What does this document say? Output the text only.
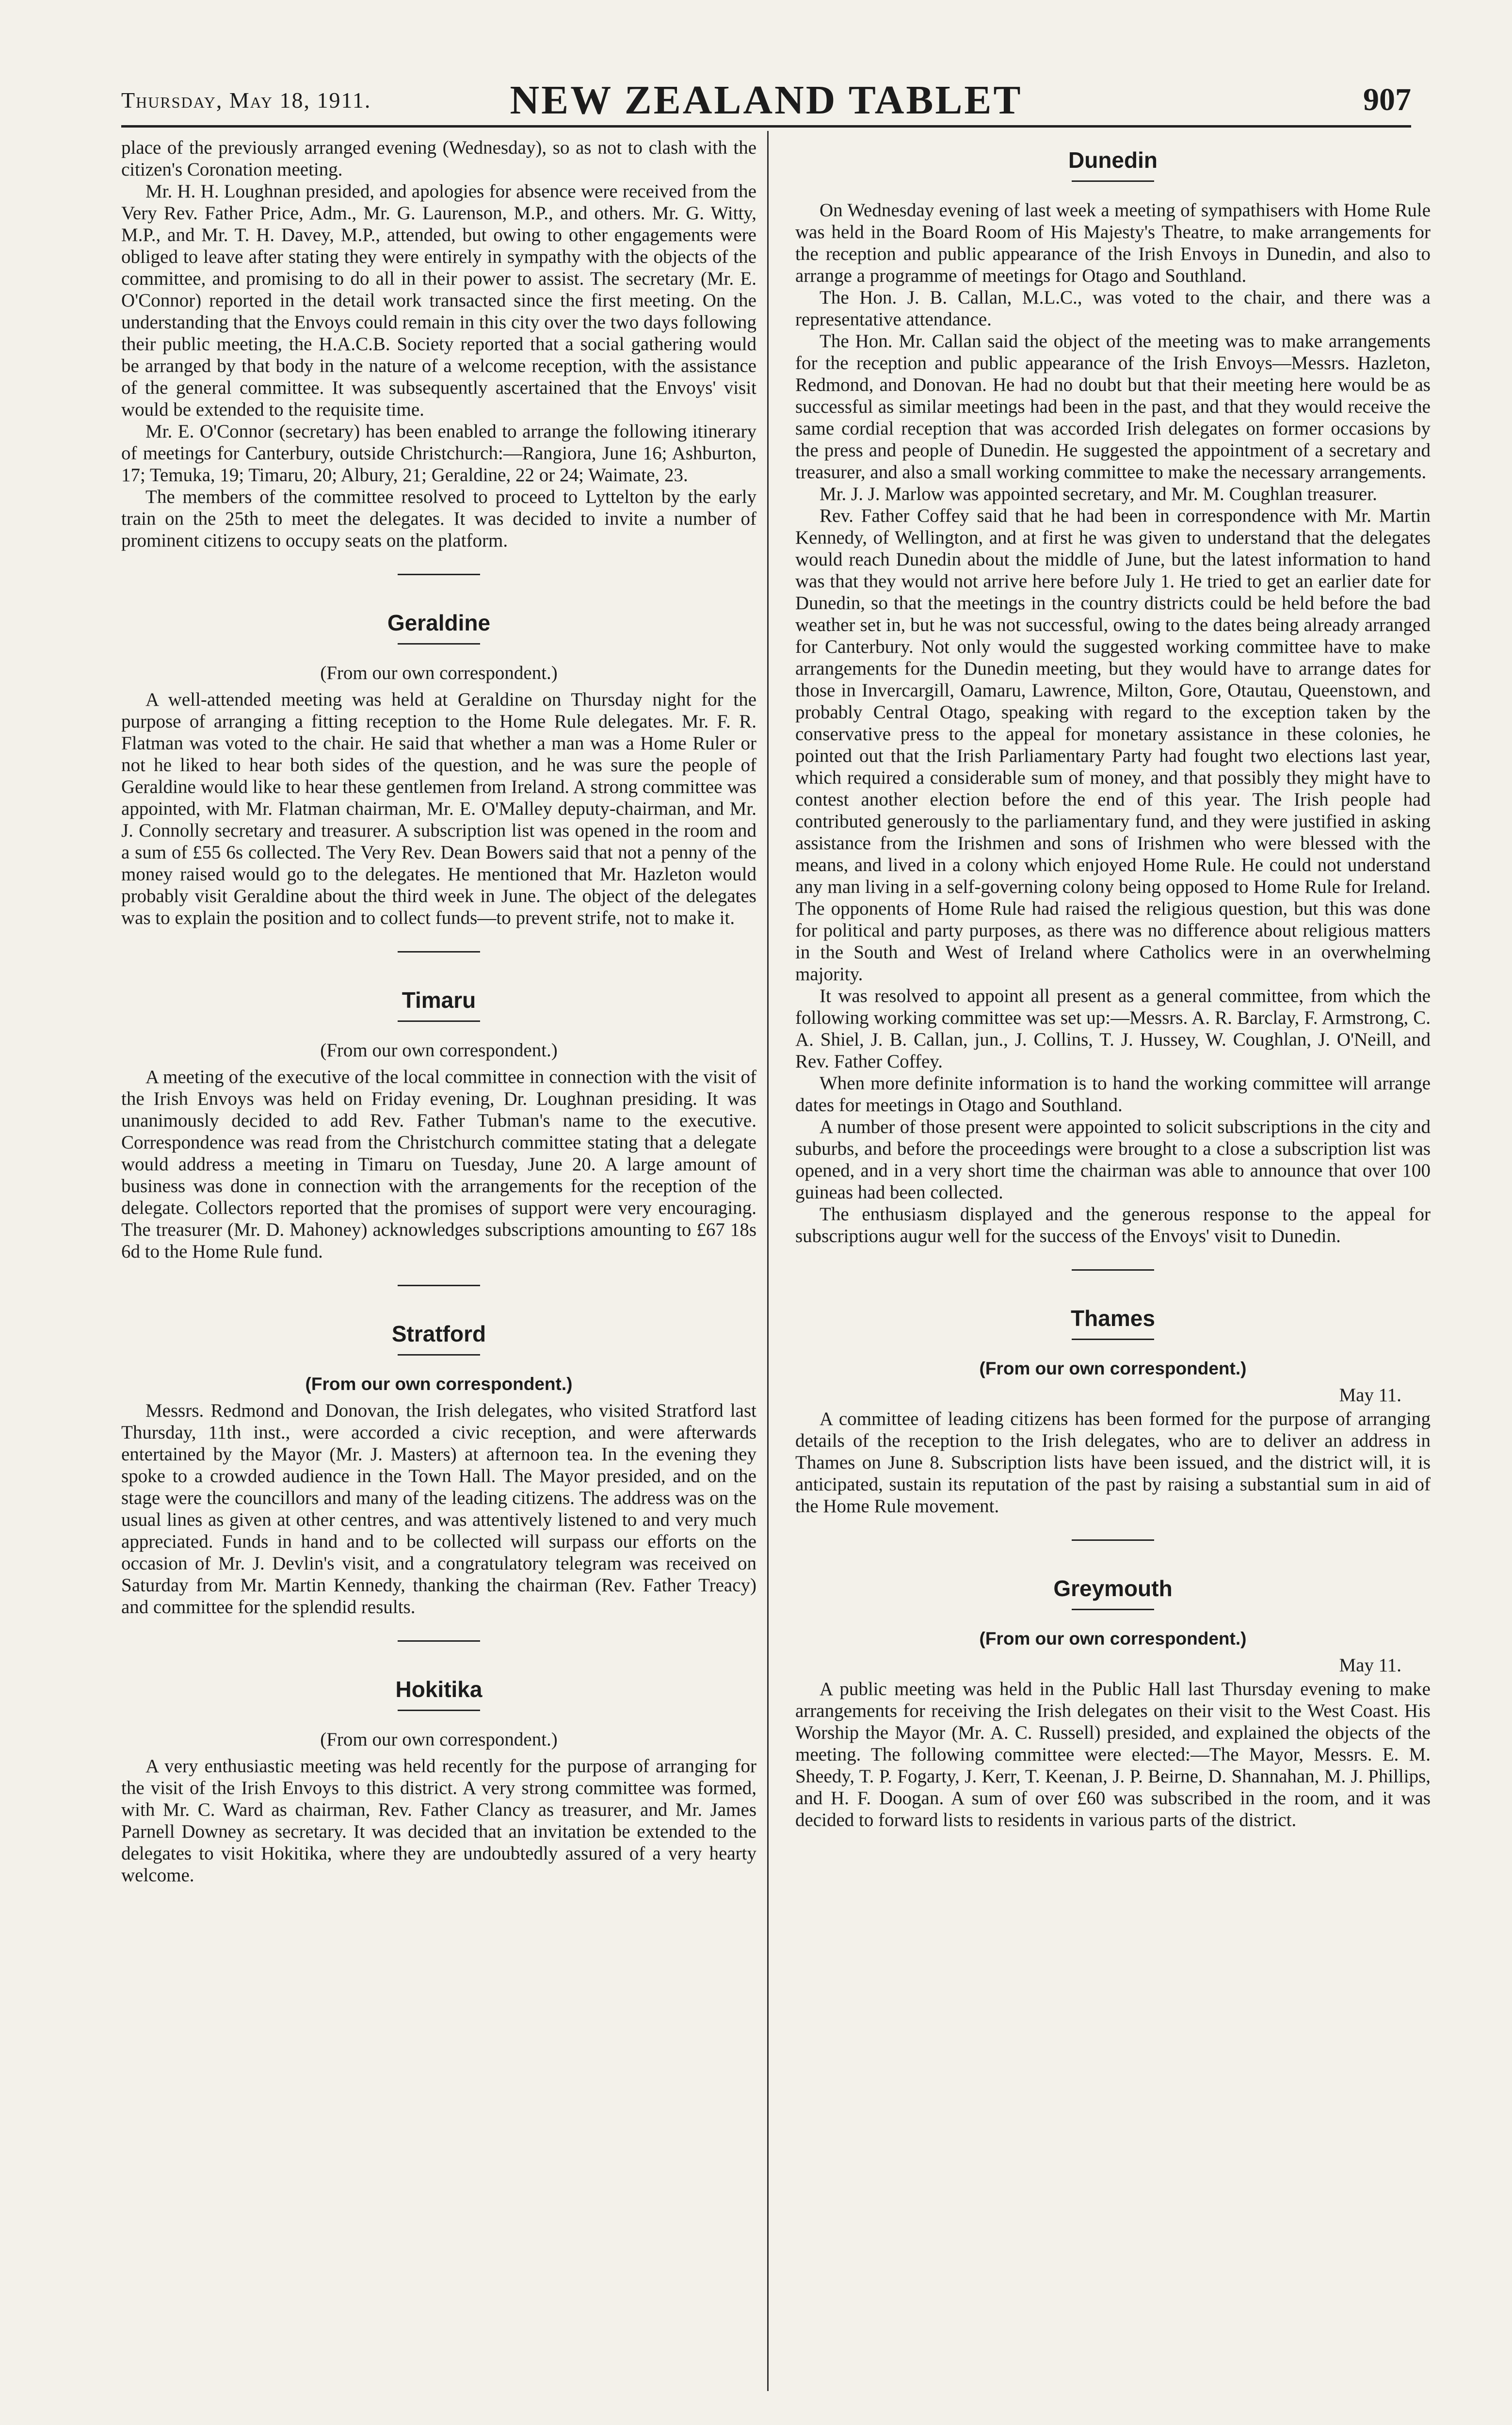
Thursday, May 18, 1911.	NEW ZEALAND TABLET	907

place of the previously arranged evening (Wednesday), so as not to clash with the citizen's Coronation meeting.

Mr. H. H. Loughnan presided, and apologies for absence were received from the Very Rev. Father Price, Adm., Mr. G. Laurenson, M.P., and others. Mr. G. Witty, M.P., and Mr. T. H. Davey, M.P., attended, but owing to other engagements were obliged to leave after stating they were entirely in sympathy with the objects of the committee, and promising to do all in their power to assist. The secretary (Mr. E. O'Connor) reported in the detail work transacted since the first meeting. On the understanding that the Envoys could remain in this city over the two days following their public meeting, the H.A.C.B. Society reported that a social gathering would be arranged by that body in the nature of a welcome reception, with the assistance of the general committee. It was subsequently ascertained that the Envoys' visit would be extended to the requisite time.

Mr. E. O'Connor (secretary) has been enabled to arrange the following itinerary of meetings for Canterbury, outside Christchurch:—Rangiora, June 16; Ashburton, 17; Temuka, 19; Timaru, 20; Albury, 21; Geraldine, 22 or 24; Waimate, 23.

The members of the committee resolved to proceed to Lyttelton by the early train on the 25th to meet the delegates. It was decided to invite a number of prominent citizens to occupy seats on the platform.

Geraldine
(From our own correspondent.)

A well-attended meeting was held at Geraldine on Thursday night for the purpose of arranging a fitting reception to the Home Rule delegates. Mr. F. R. Flatman was voted to the chair. He said that whether a man was a Home Ruler or not he liked to hear both sides of the question, and he was sure the people of Geraldine would like to hear these gentlemen from Ireland. A strong committee was appointed, with Mr. Flatman chairman, Mr. E. O'Malley deputy-chairman, and Mr. J. Connolly secretary and treasurer. A subscription list was opened in the room and a sum of £55 6s collected. The Very Rev. Dean Bowers said that not a penny of the money raised would go to the delegates. He mentioned that Mr. Hazleton would probably visit Geraldine about the third week in June. The object of the delegates was to explain the position and to collect funds—to prevent strife, not to make it.

Timaru
(From our own correspondent.)

A meeting of the executive of the local committee in connection with the visit of the Irish Envoys was held on Friday evening, Dr. Loughnan presiding. It was unanimously decided to add Rev. Father Tubman's name to the executive. Correspondence was read from the Christchurch committee stating that a delegate would address a meeting in Timaru on Tuesday, June 20. A large amount of business was done in connection with the arrangements for the reception of the delegate. Collectors reported that the promises of support were very encouraging. The treasurer (Mr. D. Mahoney) acknowledges subscriptions amounting to £67 18s 6d to the Home Rule fund.

Stratford
(From our own correspondent.)

Messrs. Redmond and Donovan, the Irish delegates, who visited Stratford last Thursday, 11th inst., were accorded a civic reception, and were afterwards entertained by the Mayor (Mr. J. Masters) at afternoon tea. In the evening they spoke to a crowded audience in the Town Hall. The Mayor presided, and on the stage were the councillors and many of the leading citizens. The address was on the usual lines as given at other centres, and was attentively listened to and very much appreciated. Funds in hand and to be collected will surpass our efforts on the occasion of Mr. J. Devlin's visit, and a congratulatory telegram was received on Saturday from Mr. Martin Kennedy, thanking the chairman (Rev. Father Treacy) and committee for the splendid results.

Hokitika
(From our own correspondent.)

A very enthusiastic meeting was held recently for the purpose of arranging for the visit of the Irish Envoys to this district. A very strong committee was formed, with Mr. C. Ward as chairman, Rev. Father Clancy as treasurer, and Mr. James Parnell Downey as secretary. It was decided that an invitation be extended to the delegates to visit Hokitika, where they are undoubtedly assured of a very hearty welcome.

Dunedin

On Wednesday evening of last week a meeting of sympathisers with Home Rule was held in the Board Room of His Majesty's Theatre, to make arrangements for the reception and public appearance of the Irish Envoys in Dunedin, and also to arrange a programme of meetings for Otago and Southland.

The Hon. J. B. Callan, M.L.C., was voted to the chair, and there was a representative attendance.

The Hon. Mr. Callan said the object of the meeting was to make arrangements for the reception and public appearance of the Irish Envoys—Messrs. Hazleton, Redmond, and Donovan. He had no doubt but that their meeting here would be as successful as similar meetings had been in the past, and that they would receive the same cordial reception that was accorded Irish delegates on former occasions by the press and people of Dunedin. He suggested the appointment of a secretary and treasurer, and also a small working committee to make the necessary arrangements.

Mr. J. J. Marlow was appointed secretary, and Mr. M. Coughlan treasurer.

Rev. Father Coffey said that he had been in correspondence with Mr. Martin Kennedy, of Wellington, and at first he was given to understand that the delegates would reach Dunedin about the middle of June, but the latest information to hand was that they would not arrive here before July 1. He tried to get an earlier date for Dunedin, so that the meetings in the country districts could be held before the bad weather set in, but he was not successful, owing to the dates being already arranged for Canterbury. Not only would the suggested working committee have to make arrangements for the Dunedin meeting, but they would have to arrange dates for those in Invercargill, Oamaru, Lawrence, Milton, Gore, Otautau, Queenstown, and probably Central Otago, speaking with regard to the exception taken by the conservative press to the appeal for monetary assistance in these colonies, he pointed out that the Irish Parliamentary Party had fought two elections last year, which required a considerable sum of money, and that possibly they might have to contest another election before the end of this year. The Irish people had contributed generously to the parliamentary fund, and they were justified in asking assistance from the Irishmen and sons of Irishmen who were blessed with the means, and lived in a colony which enjoyed Home Rule. He could not understand any man living in a self-governing colony being opposed to Home Rule for Ireland. The opponents of Home Rule had raised the religious question, but this was done for political and party purposes, as there was no difference about religious matters in the South and West of Ireland where Catholics were in an overwhelming majority.

It was resolved to appoint all present as a general committee, from which the following working committee was set up:—Messrs. A. R. Barclay, F. Armstrong, C. A. Shiel, J. B. Callan, jun., J. Collins, T. J. Hussey, W. Coughlan, J. O'Neill, and Rev. Father Coffey.

When more definite information is to hand the working committee will arrange dates for meetings in Otago and Southland.

A number of those present were appointed to solicit subscriptions in the city and suburbs, and before the proceedings were brought to a close a subscription list was opened, and in a very short time the chairman was able to announce that over 100 guineas had been collected.

The enthusiasm displayed and the generous response to the appeal for subscriptions augur well for the success of the Envoys' visit to Dunedin.

Thames
(From our own correspondent.)
May 11.

A committee of leading citizens has been formed for the purpose of arranging details of the reception to the Irish delegates, who are to deliver an address in Thames on June 8. Subscription lists have been issued, and the district will, it is anticipated, sustain its reputation of the past by raising a substantial sum in aid of the Home Rule movement.

Greymouth
(From our own correspondent.)
May 11.

A public meeting was held in the Public Hall last Thursday evening to make arrangements for receiving the Irish delegates on their visit to the West Coast. His Worship the Mayor (Mr. A. C. Russell) presided, and explained the objects of the meeting. The following committee were elected:—The Mayor, Messrs. E. M. Sheedy, T. P. Fogarty, J. Kerr, T. Keenan, J. P. Beirne, D. Shannahan, M. J. Phillips, and H. F. Doogan. A sum of over £60 was subscribed in the room, and it was decided to forward lists to residents in various parts of the district.
